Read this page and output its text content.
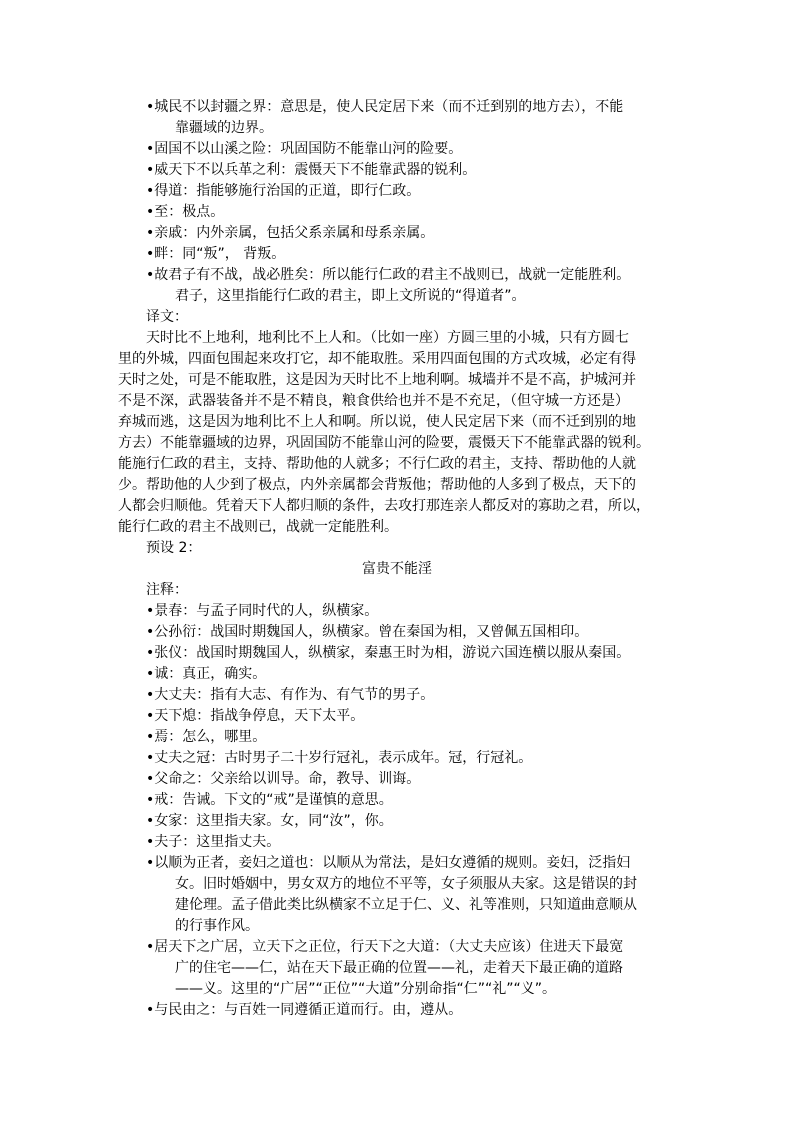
•城民不以封疆之界：意思是，使人民定居下来（而不迁到别的地方去），不能
靠疆域的边界。
•固国不以山溪之险：巩固国防不能靠山河的险要。
•威天下不以兵革之利：震慑天下不能靠武器的锐利。
•得道：指能够施行治国的正道，即行仁政。
•至：极点。
•亲戚：内外亲属，包括父系亲属和母系亲属。
•畔：同“叛”， 背叛。
•故君子有不战，战必胜矣：所以能行仁政的君主不战则已，战就一定能胜利。
君子，这里指能行仁政的君主，即上文所说的“得道者”。
译文：
天时比不上地利，地利比不上人和。（比如一座）方圆三里的小城，只有方圆七
里的外城，四面包围起来攻打它，却不能取胜。采用四面包围的方式攻城，必定有得
天时之处，可是不能取胜，这是因为天时比不上地利啊。城墙并不是不高，护城河并
不是不深，武器装备并不是不精良，粮食供给也并不是不充足，（但守城一方还是）
弃城而逃，这是因为地利比不上人和啊。所以说，使人民定居下来（而不迁到别的地
方去）不能靠疆域的边界，巩固国防不能靠山河的险要，震慑天下不能靠武器的锐利。
能施行仁政的君主，支持、帮助他的人就多；不行仁政的君主，支持、帮助他的人就
少。帮助他的人少到了极点，内外亲属都会背叛他；帮助他的人多到了极点，天下的
人都会归顺他。凭着天下人都归顺的条件，去攻打那连亲人都反对的寡助之君，所以，
能行仁政的君主不战则已，战就一定能胜利。
预设 2：
富贵不能淫
注释：
•景春：与孟子同时代的人，纵横家。
•公孙衍：战国时期魏国人，纵横家。曾在秦国为相，又曾佩五国相印。
•张仪：战国时期魏国人，纵横家，秦惠王时为相，游说六国连横以服从秦国。
•诚：真正，确实。
•大丈夫：指有大志、有作为、有气节的男子。
•天下熄：指战争停息，天下太平。
•焉：怎么，哪里。
•丈夫之冠：古时男子二十岁行冠礼，表示成年。冠，行冠礼。
•父命之：父亲给以训导。命，教导、训诲。
•戒：告诫。下文的“戒”是谨慎的意思。
•女家：这里指夫家。女，同“汝”，你。
•夫子：这里指丈夫。
•以顺为正者，妾妇之道也：以顺从为常法，是妇女遵循的规则。妾妇，泛指妇
女。旧时婚姻中，男女双方的地位不平等，女子须服从夫家。这是错误的封
建伦理。孟子借此类比纵横家不立足于仁、义、礼等准则，只知道曲意顺从
的行事作风。
•居天下之广居，立天下之正位，行天下之大道：（大丈夫应该）住进天下最宽
广的住宅——仁，站在天下最正确的位置——礼，走着天下最正确的道路
——义。这里的“广居”“正位”“大道”分别命指“仁”“礼”“义”。
•与民由之：与百姓一同遵循正道而行。由，遵从。
